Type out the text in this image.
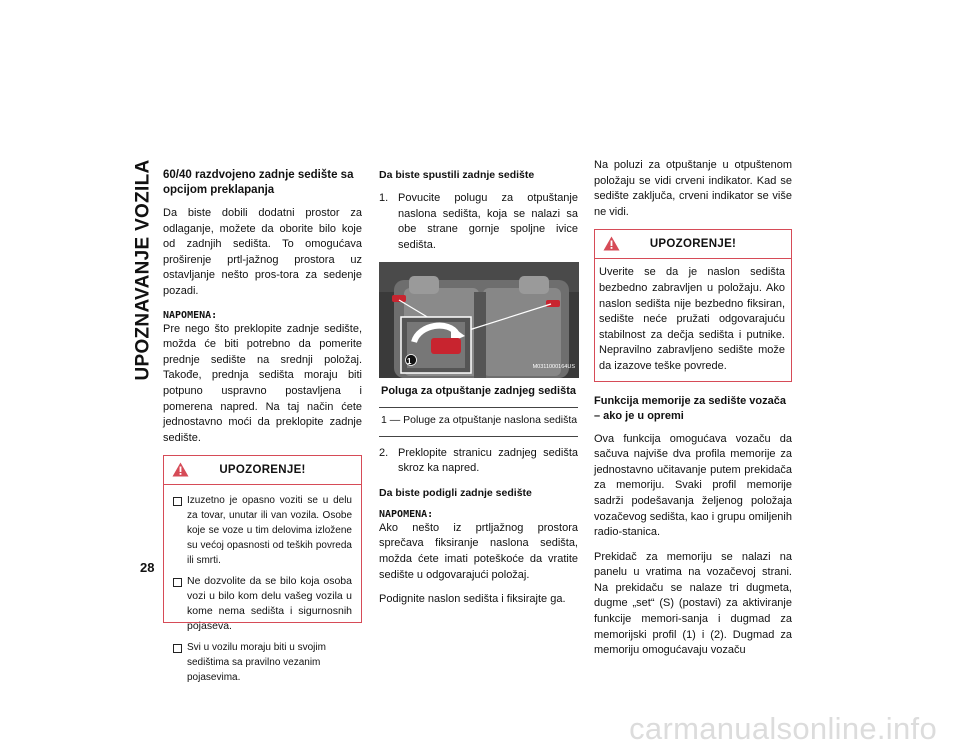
UPOZNAVANJE VOZILA
28
60/40 razdvojeno zadnje sedište sa opcijom preklapanja

Da biste dobili dodatni prostor za odlaganje, možete da oborite bilo koje od zadnjih sedišta. To omogućava proširenje prtl-jažnog prostora uz ostavljanje nešto pros-tora za sedenje pozadi.

NAPOMENA:
Pre nego što preklopite zadnje sedište, možda će biti potrebno da pomerite prednje sedište na srednji položaj. Takođe, prednja sedišta moraju biti potpuno uspravno postavljena i pomerena napred. Na taj način ćete jednostavno moći da preklopite zadnje sedište.
UPOZORENJE!
Izuzetno je opasno voziti se u delu za tovar, unutar ili van vozila. Osobe koje se voze u tim delovima izložene su većoj opasnosti od teških povreda ili smrti.
Ne dozvolite da se bilo koja osoba vozi u bilo kom delu vašeg vozila u kome nema sedišta i sigurnosnih pojaseva.
Svi u vozilu moraju biti u svojim sedištima sa pravilno vezanim pojasevima.
Da biste spustili zadnje sedište
1. Povucite polugu za otpuštanje naslona sedišta, koja se nalazi sa obe strane gornje spoljne ivice sedišta.
1
M0311000164US
Poluga za otpuštanje zadnjeg sedišta
1 — Poluge za otpuštanje naslona sedišta
2. Preklopite stranicu zadnjeg sedišta skroz ka napred.
Da biste podigli zadnje sedište
NAPOMENA:
Ako nešto iz prtljažnog prostora sprečava fiksiranje naslona sedišta, možda ćete imati poteškoće da vratite sedište u odgovarajući položaj.

Podignite naslon sedišta i fiksirajte ga.

Na poluzi za otpuštanje u otpuštenom položaju se vidi crveni indikator. Kad se sedište zaključa, crveni indikator se više ne vidi.

UPOZORENJE!
Uverite se da je naslon sedišta bezbedno zabravljen u položaju. Ako naslon sedišta nije bezbedno fiksiran, sedište neće pružati odgovarajuću stabilnost za dečja sedišta i putnike. Nepravilno zabravljeno sedište može da izazove teške povrede.
Funkcija memorije za sedište vozača – ako je u opremi

Ova funkcija omogućava vozaču da sačuva najviše dva profila memorije za jednostavno učitavanje putem prekidača za memoriju. Svaki profil memorije sadrži podešavanja željenog položaja vozačevog sedišta, kao i grupu omiljenih radio-stanica.

Prekidač za memoriju se nalazi na panelu u vratima na vozačevoj strani. Na prekidaču se nalaze tri dugmeta, dugme „set“ (S) (postavi) za aktiviranje funkcije memori-sanja i dugmad za memorijski profil (1) i (2). Dugmad za memoriju omogućavaju vozaču

carmanualsonline.info
